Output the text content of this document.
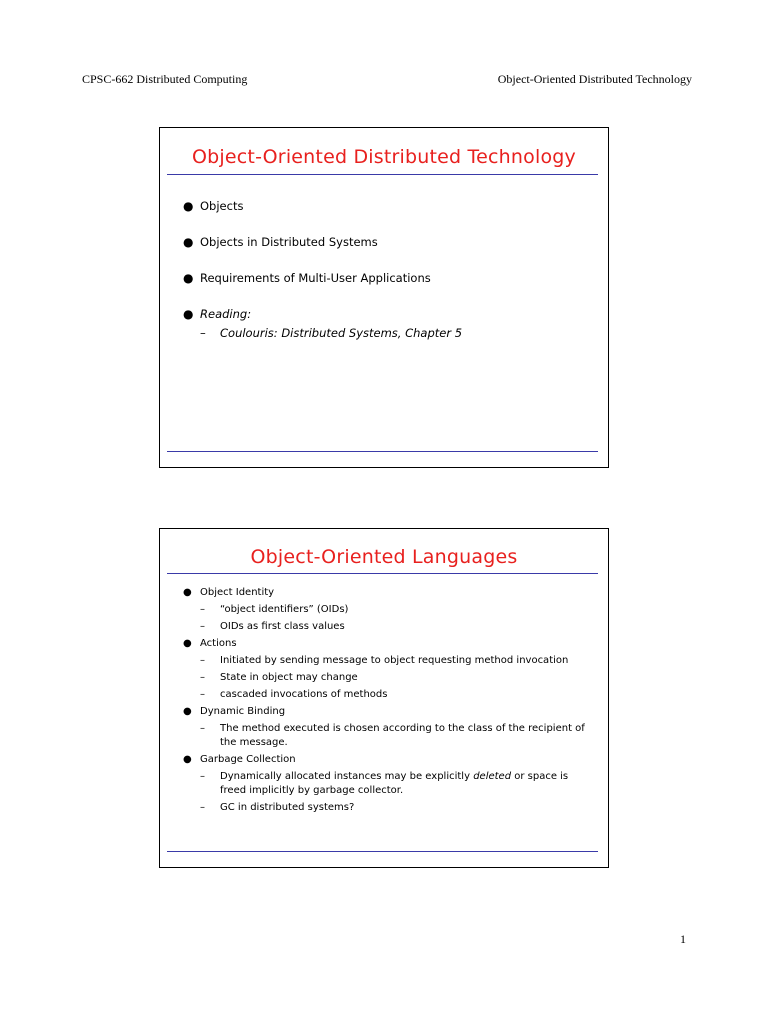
CPSC-662 Distributed Computing	Object-Oriented Distributed Technology
Object-Oriented Distributed Technology
● Objects
● Objects in Distributed Systems
● Requirements of Multi-User Applications
● Reading:
– Coulouris: Distributed Systems, Chapter 5
Object-Oriented Languages
● Object Identity
– “object identifiers” (OIDs)
– OIDs as first class values
● Actions
– Initiated by sending message to object requesting method invocation
– State in object may change
– cascaded invocations of methods
● Dynamic Binding
– The method executed is chosen according to the class of the recipient of the message.
● Garbage Collection
– Dynamically allocated instances may be explicitly deleted or space is freed implicitly by garbage collector.
– GC in distributed systems?
1
